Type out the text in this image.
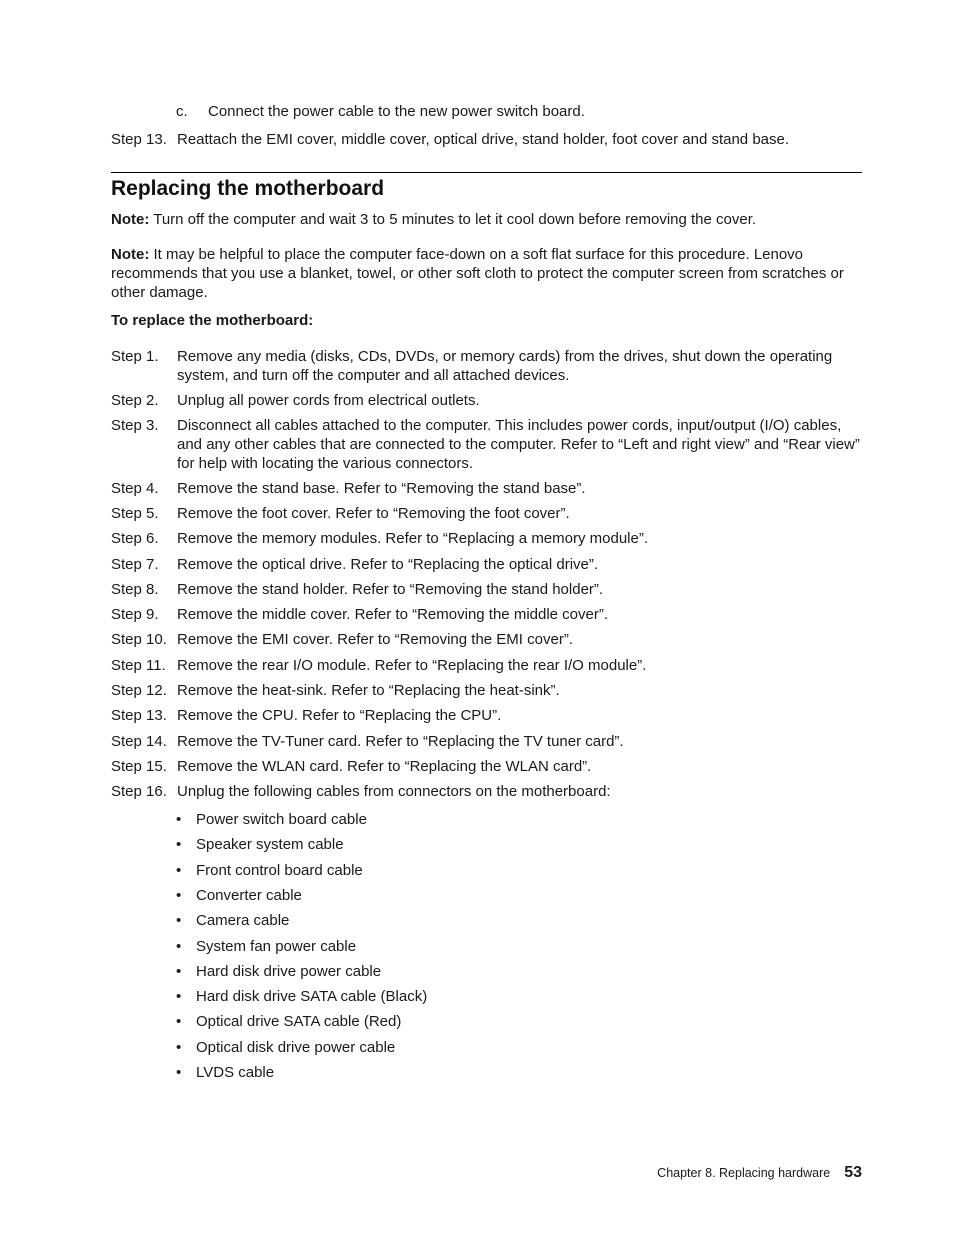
c. Connect the power cable to the new power switch board.
Step 13. Reattach the EMI cover, middle cover, optical drive, stand holder, foot cover and stand base.
Replacing the motherboard
Note: Turn off the computer and wait 3 to 5 minutes to let it cool down before removing the cover.
Note: It may be helpful to place the computer face-down on a soft flat surface for this procedure. Lenovo recommends that you use a blanket, towel, or other soft cloth to protect the computer screen from scratches or other damage.
To replace the motherboard:
Step 1. Remove any media (disks, CDs, DVDs, or memory cards) from the drives, shut down the operating system, and turn off the computer and all attached devices.
Step 2. Unplug all power cords from electrical outlets.
Step 3. Disconnect all cables attached to the computer. This includes power cords, input/output (I/O) cables, and any other cables that are connected to the computer. Refer to “Left and right view” and “Rear view” for help with locating the various connectors.
Step 4. Remove the stand base. Refer to “Removing the stand base”.
Step 5. Remove the foot cover. Refer to “Removing the foot cover”.
Step 6. Remove the memory modules. Refer to “Replacing a memory module”.
Step 7. Remove the optical drive. Refer to “Replacing the optical drive”.
Step 8. Remove the stand holder. Refer to “Removing the stand holder”.
Step 9. Remove the middle cover. Refer to “Removing the middle cover”.
Step 10. Remove the EMI cover. Refer to “Removing the EMI cover”.
Step 11. Remove the rear I/O module. Refer to “Replacing the rear I/O module”.
Step 12. Remove the heat-sink. Refer to “Replacing the heat-sink”.
Step 13. Remove the CPU. Refer to “Replacing the CPU”.
Step 14. Remove the TV-Tuner card. Refer to “Replacing the TV tuner card”.
Step 15. Remove the WLAN card. Refer to “Replacing the WLAN card”.
Step 16. Unplug the following cables from connectors on the motherboard:
• Power switch board cable
• Speaker system cable
• Front control board cable
• Converter cable
• Camera cable
• System fan power cable
• Hard disk drive power cable
• Hard disk drive SATA cable (Black)
• Optical drive SATA cable (Red)
• Optical disk drive power cable
• LVDS cable
Chapter 8. Replacing hardware 53
